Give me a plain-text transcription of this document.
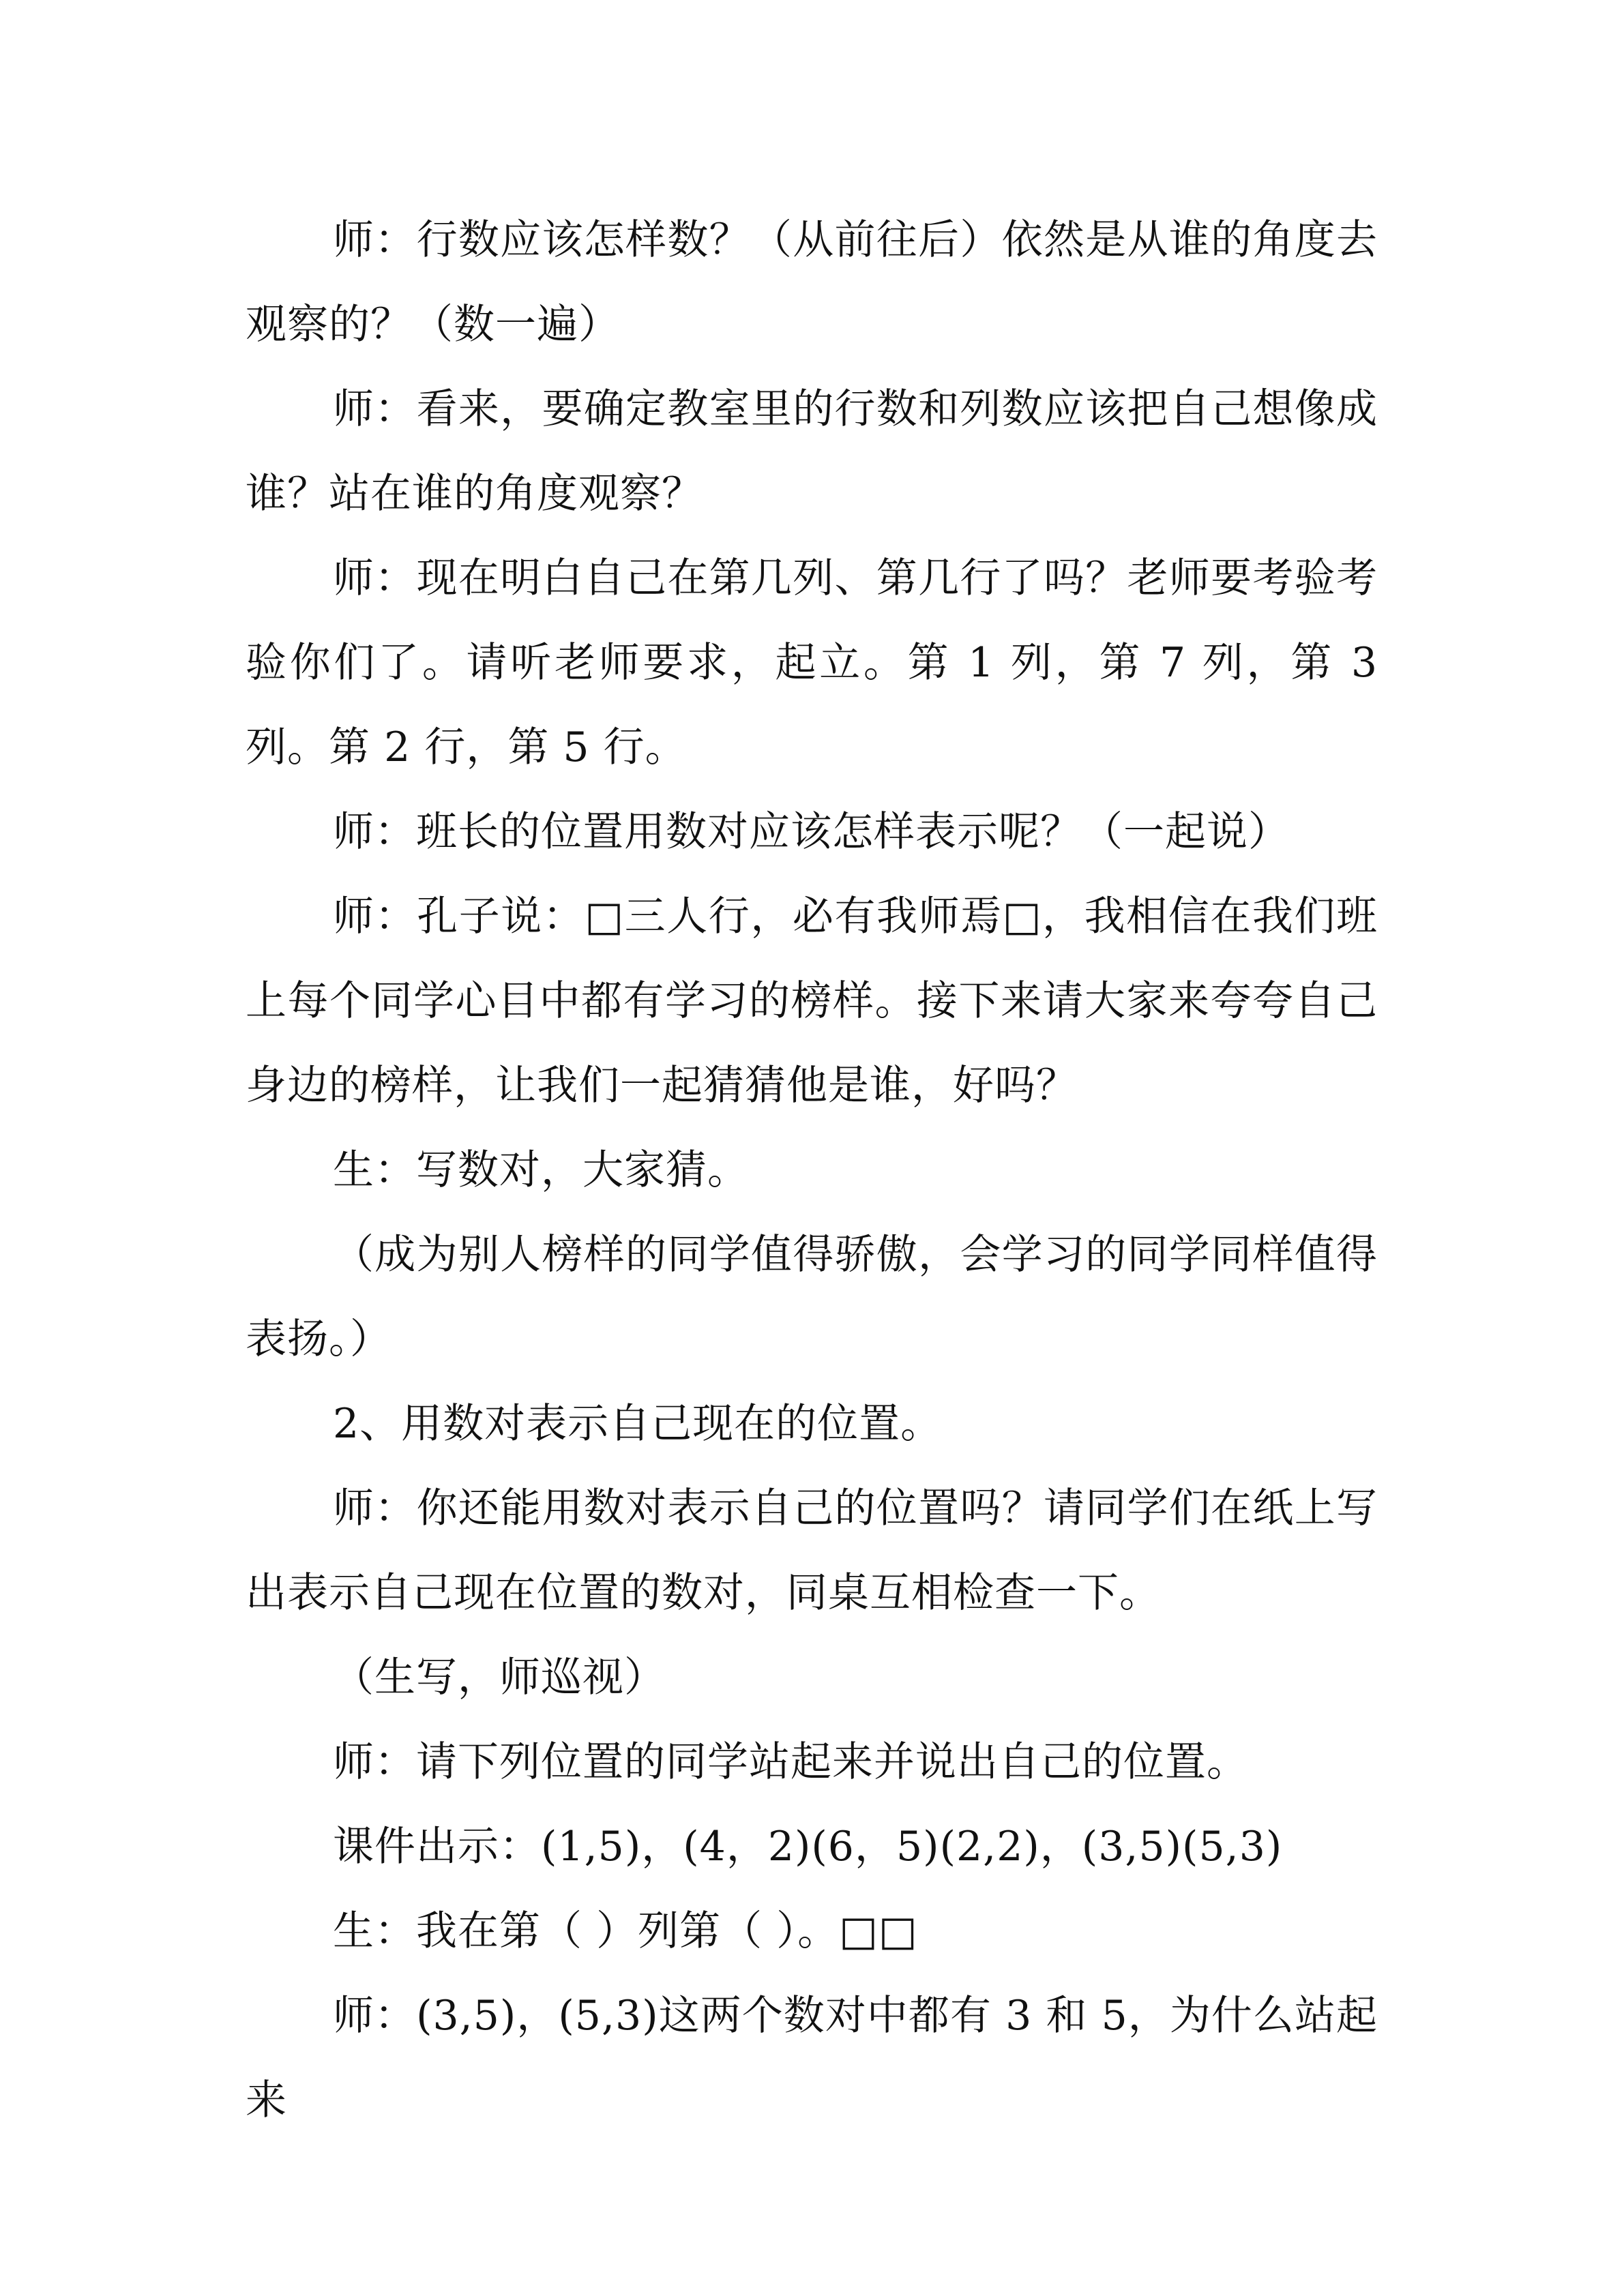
师：行数应该怎样数？（从前往后）依然是从谁的角度去观察的？（数一遍）

师：看来，要确定教室里的行数和列数应该把自己想像成谁？站在谁的角度观察？

师：现在明白自己在第几列、第几行了吗？老师要考验考验你们了。请听老师要求，起立。第 1 列，第 7 列，第 3 列。第 2 行，第 5 行。

师：班长的位置用数对应该怎样表示呢？（一起说）

师：孔子说：□三人行，必有我师焉□，我相信在我们班上每个同学心目中都有学习的榜样。接下来请大家来夸夸自己身边的榜样，让我们一起猜猜他是谁，好吗？

生：写数对，大家猜。

（成为别人榜样的同学值得骄傲，会学习的同学同样值得表扬。）

2、用数对表示自己现在的位置。

师：你还能用数对表示自己的位置吗？请同学们在纸上写出表示自己现在位置的数对，同桌互相检查一下。

（生写，师巡视）

师：请下列位置的同学站起来并说出自己的位置。

课件出示：(1,5)，(4，2)(6，5)(2,2)，(3,5)(5,3)

生：我在第（ ）列第（ ）。□□

师：(3,5)，(5,3)这两个数对中都有 3 和 5，为什么站起来
